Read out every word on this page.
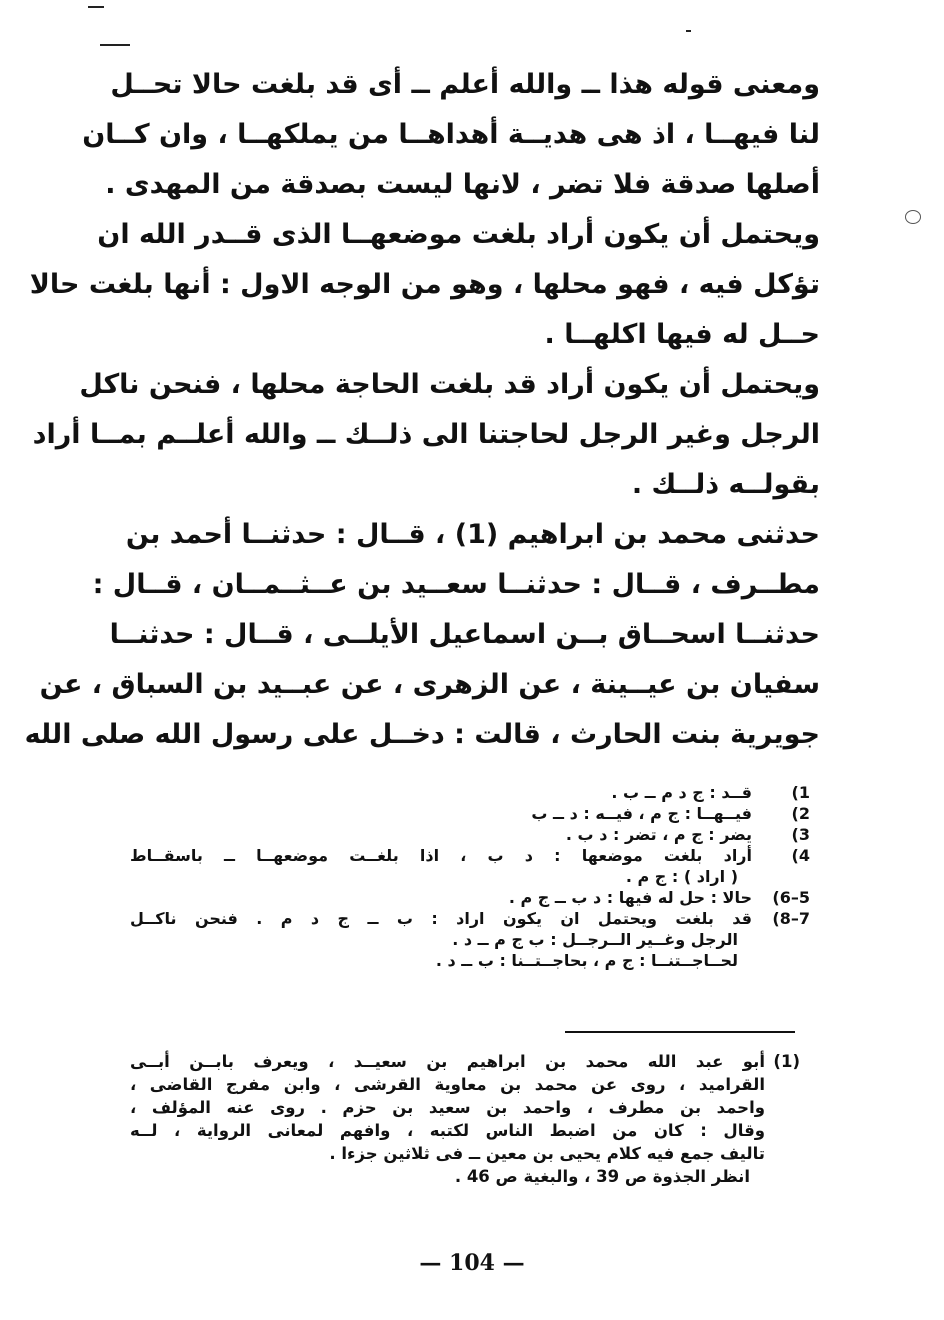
ومعنى قوله هذا ــ والله أعلم ــ أى قد بلغت حالا تحــل
لنا فيهــا ، اذ هى هديــة أهداهــا من يملكهــا ، وان كــان
أصلها صدقة فلا تضر ، لانها ليست بصدقة من المهدى .
ويحتمل أن يكون أراد بلغت موضعهــا الذى قــدر الله ان
تؤكل فيه ، فهو محلها ، وهو من الوجه الاول : أنها بلغت حالا
حــل له فيها اكلهــا .
ويحتمل أن يكون أراد قد بلغت الحاجة محلها ، فنحن ناكل
الرجل وغير الرجل لحاجتنا الى ذلــك ــ والله أعلــم بمــا أراد
بقولــه ذلــك .
حدثنى محمد بن ابراهيم (1) ، قــال : حدثنــا أحمد بن
مطــرف ، قــال : حدثنــا سعــيد بن عــثــمــان ، قــال :
حدثنــا اسحــاق بــن اسماعيل الأيلــى ، قــال : حدثنــا
سفيان بن عيــينة ، عن الزهرى ، عن عبــيد بن السباق ، عن
جويرية بنت الحارث ، قالت : دخــل على رسول الله صلى الله
(1
قــد : ج د م ــ ب .
(2
فيــهــا : ج م ، فيــه : د ــ ب
(3
يضر : ج م ، تضر : د ب .
(4
أراد بلغت موضعها : د ب ، اذا بلغــت موضعهــا ــ باسقــاط
( اراد ) : ج م .
(6–5
حالا : حل له فيها : د ب ــ ج م .
(8–7
قد بلغت ويحتمل ان يكون اراد : ب ــ ج د م . فنحن ناكــل
الرجل وغــير الــرجــل : ب ج م ــ د .
لحــاجــتنــا : ج م ، بحاجــتــنا : ب ــ د .
(1)
أبو عبد الله محمد بن ابراهيم بن سعيــد ، ويعرف بابــن أبــى
القراميد ، روى عن محمد بن معاوية القرشى ، وابن مفرج القاضى ،
واحمد بن مطرف ، واحمد بن سعيد بن حزم . روى عنه المؤلف ،
وقال : كان من اضبط الناس لكتبه ، وافهم لمعانى الرواية ، لــه
تاليف جمع فيه كلام يحيى بن معين ــ فى ثلاثين جزءا .
انظر الجذوة ص 39 ، والبغية ص 46 .
— 104 —
